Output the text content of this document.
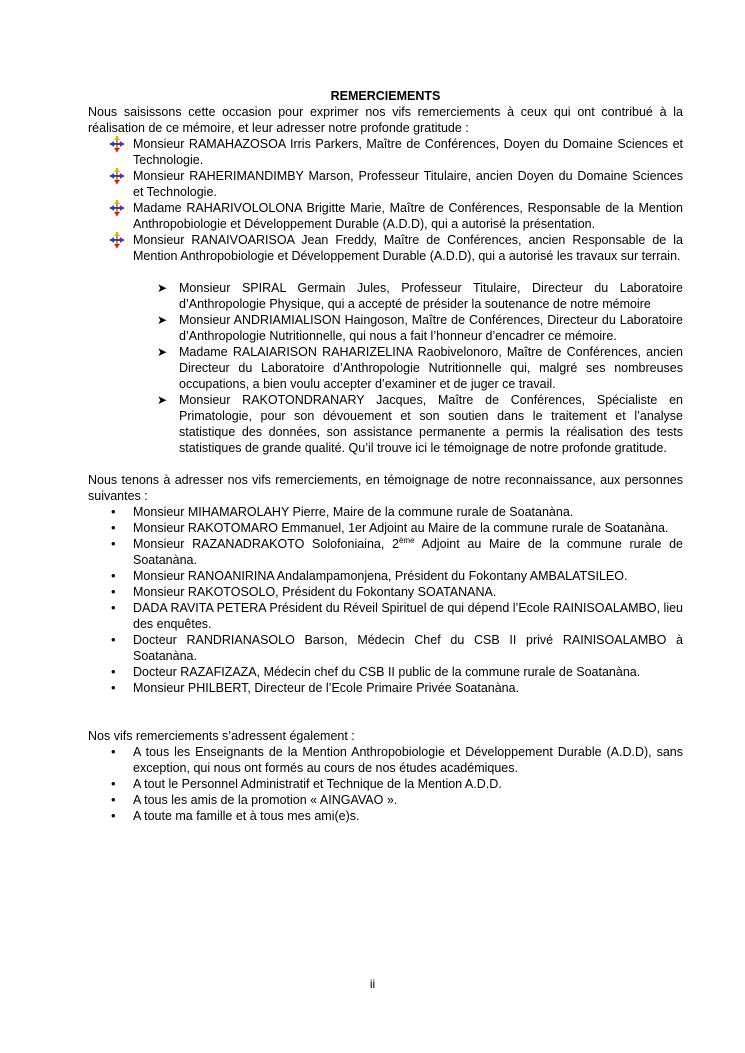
REMERCIEMENTS

Nous saisissons cette occasion pour exprimer nos vifs remerciements à ceux qui ont contribué à la réalisation de ce mémoire, et leur adresser notre profonde gratitude :

Monsieur RAMAHAZOSOA Irris Parkers, Maître de Conférences, Doyen du Domaine Sciences et Technologie.
Monsieur RAHERIMANDIMBY Marson, Professeur Titulaire, ancien Doyen du Domaine Sciences et Technologie.
Madame RAHARIVOLOLONA Brigitte Marie, Maître de Conférences, Responsable de la Mention Anthropobiologie et Développement Durable (A.D.D), qui a autorisé la présentation.
Monsieur RANAIVOARISOA Jean Freddy, Maître de Conférences, ancien Responsable de la Mention Anthropobiologie et Développement Durable (A.D.D), qui a autorisé les travaux sur terrain.
➤ Monsieur SPIRAL Germain Jules, Professeur Titulaire, Directeur du Laboratoire d’Anthropologie Physique, qui a accepté de présider la soutenance de notre mémoire
➤ Monsieur ANDRIAMIALISON Haingoson, Maître de Conférences, Directeur du Laboratoire d’Anthropologie Nutritionnelle, qui nous a fait l’honneur d’encadrer ce mémoire.
➤ Madame RALAIARISON RAHARIZELINA Raobivelonoro, Maître de Conférences, ancien Directeur du Laboratoire d’Anthropologie Nutritionnelle qui, malgré ses nombreuses occupations, a bien voulu accepter d’examiner et de juger ce travail.
➤ Monsieur RAKOTONDRANARY Jacques, Maître de Conférences, Spécialiste en Primatologie, pour son dévouement et son soutien dans le traitement et l’analyse statistique des données, son assistance permanente a permis la réalisation des tests statistiques de grande qualité. Qu’il trouve ici le témoignage de notre profonde gratitude.

Nous tenons à adresser nos vifs remerciements, en témoignage de notre reconnaissance, aux personnes suivantes :

• Monsieur MIHAMAROLAHY Pierre, Maire de la commune rurale de Soatanàna.
• Monsieur RAKOTOMARO Emmanuel, 1er Adjoint au Maire de la commune rurale de Soatanàna.
• Monsieur RAZANADRAKOTO Solofoniaina, 2ème Adjoint au Maire de la commune rurale de Soatanàna.
• Monsieur RANOANIRINA Andalampamonjena, Président du Fokontany AMBALATSILEO.
• Monsieur RAKOTOSOLO, Président du Fokontany SOATANANA.
• DADA RAVITA PETERA Président du Réveil Spirituel de qui dépend l’Ecole RAINISOALAMBO, lieu des enquêtes.
• Docteur RANDRIANASOLO Barson, Médecin Chef du CSB II privé RAINISOALAMBO à Soatanàna.
• Docteur RAZAFIZAZA, Médecin chef du CSB II public de la commune rurale de Soatanàna.
• Monsieur PHILBERT, Directeur de l’Ecole Primaire Privée Soatanàna.

Nos vifs remerciements s’adressent également :

• A tous les Enseignants de la Mention Anthropobiologie et Développement Durable (A.D.D), sans exception, qui nous ont formés au cours de nos études académiques.
• A tout le Personnel Administratif et Technique de la Mention A.D.D.
• A tous les amis de la promotion « AINGAVAO ».
• A toute ma famille et à tous mes ami(e)s.
ii
